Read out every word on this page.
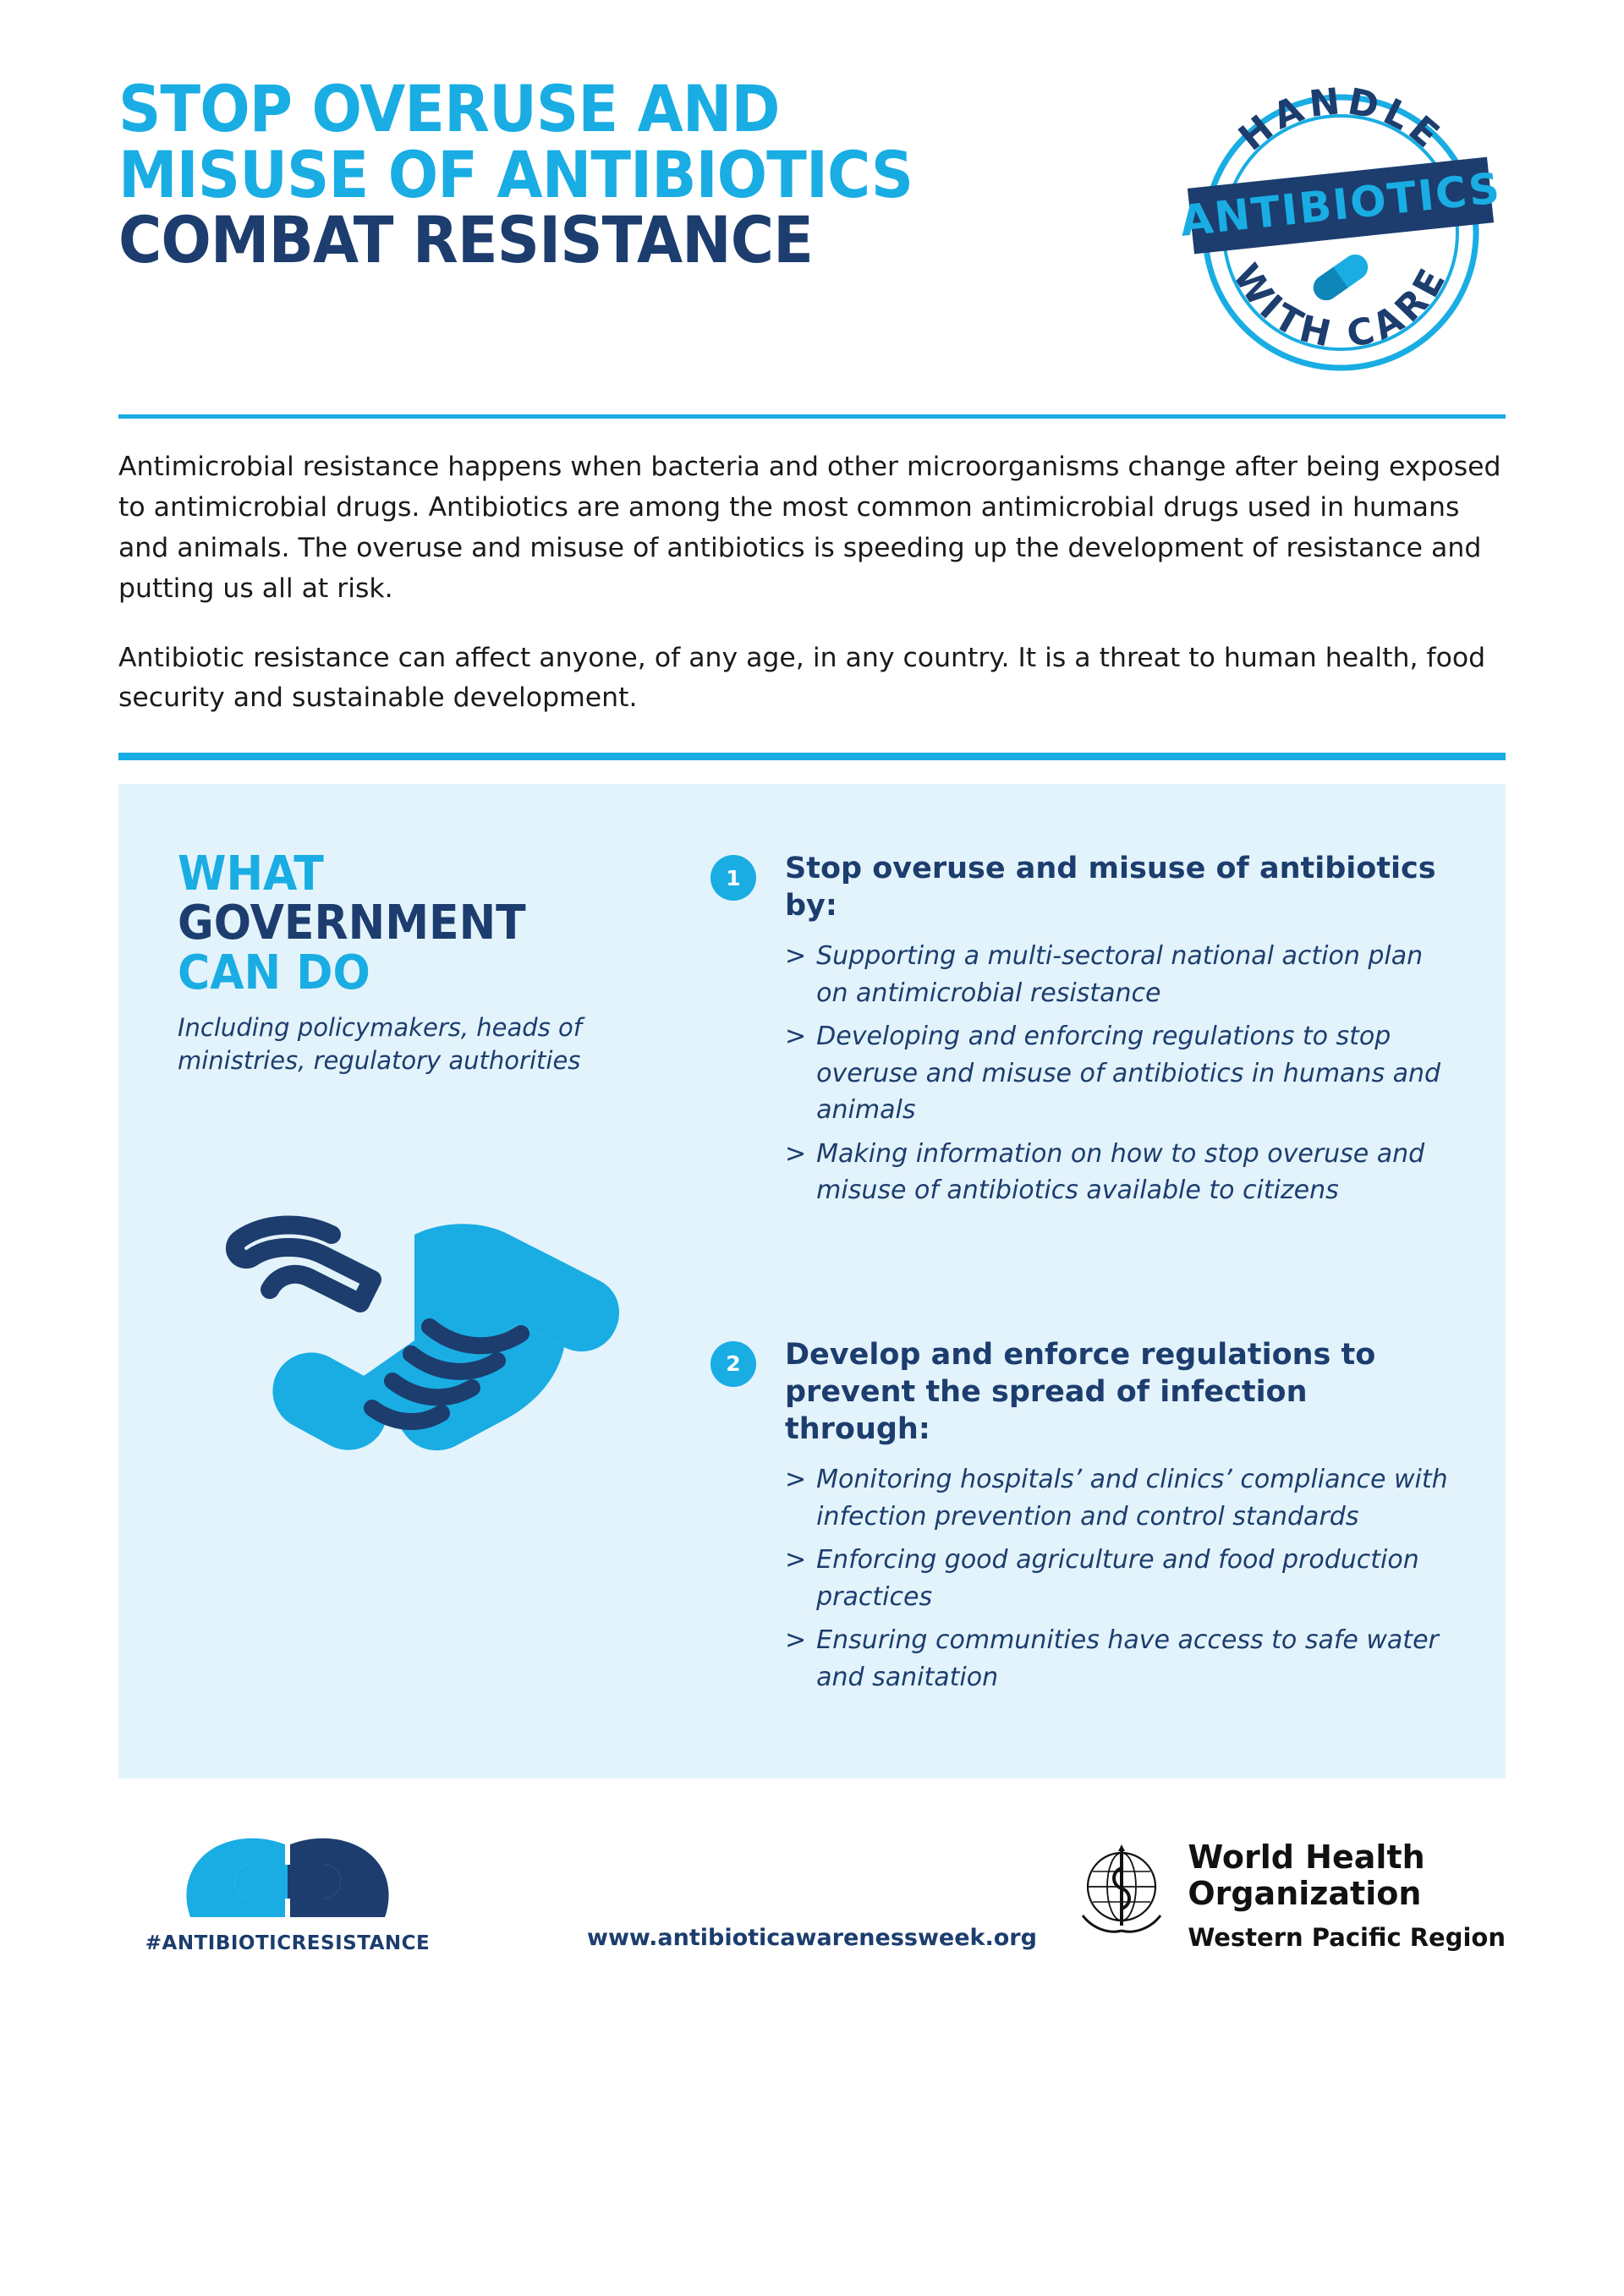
STOP OVERUSE AND
MISUSE OF ANTIBIOTICS
COMBAT RESISTANCE
HANDLE
WITH CARE
ANTIBIOTICS

Antimicrobial resistance happens when bacteria and other microorganisms change after being exposed to antimicrobial drugs. Antibiotics are among the most common antimicrobial drugs used in humans and animals. The overuse and misuse of antibiotics is speeding up the development of resistance and putting us all at risk.

Antibiotic resistance can affect anyone, of any age, in any country. It is a threat to human health, food security and sustainable development.

WHAT
GOVERNMENT
CAN DO
Including policymakers, heads of ministries, regulatory authorities
1	Stop overuse and misuse of antibiotics by:
> Supporting a multi-sectoral national action plan on antimicrobial resistance
> Developing and enforcing regulations to stop overuse and misuse of antibiotics in humans and animals
> Making information on how to stop overuse and misuse of antibiotics available to citizens
2	Develop and enforce regulations to prevent the spread of infection through:
> Monitoring hospitals’ and clinics’ compliance with infection prevention and control standards
> Enforcing good agriculture and food production practices
> Ensuring communities have access to safe water and sanitation
#ANTIBIOTICRESISTANCE
World Health
Organization
Western Pacific Region
www.antibioticawarenessweek.org
